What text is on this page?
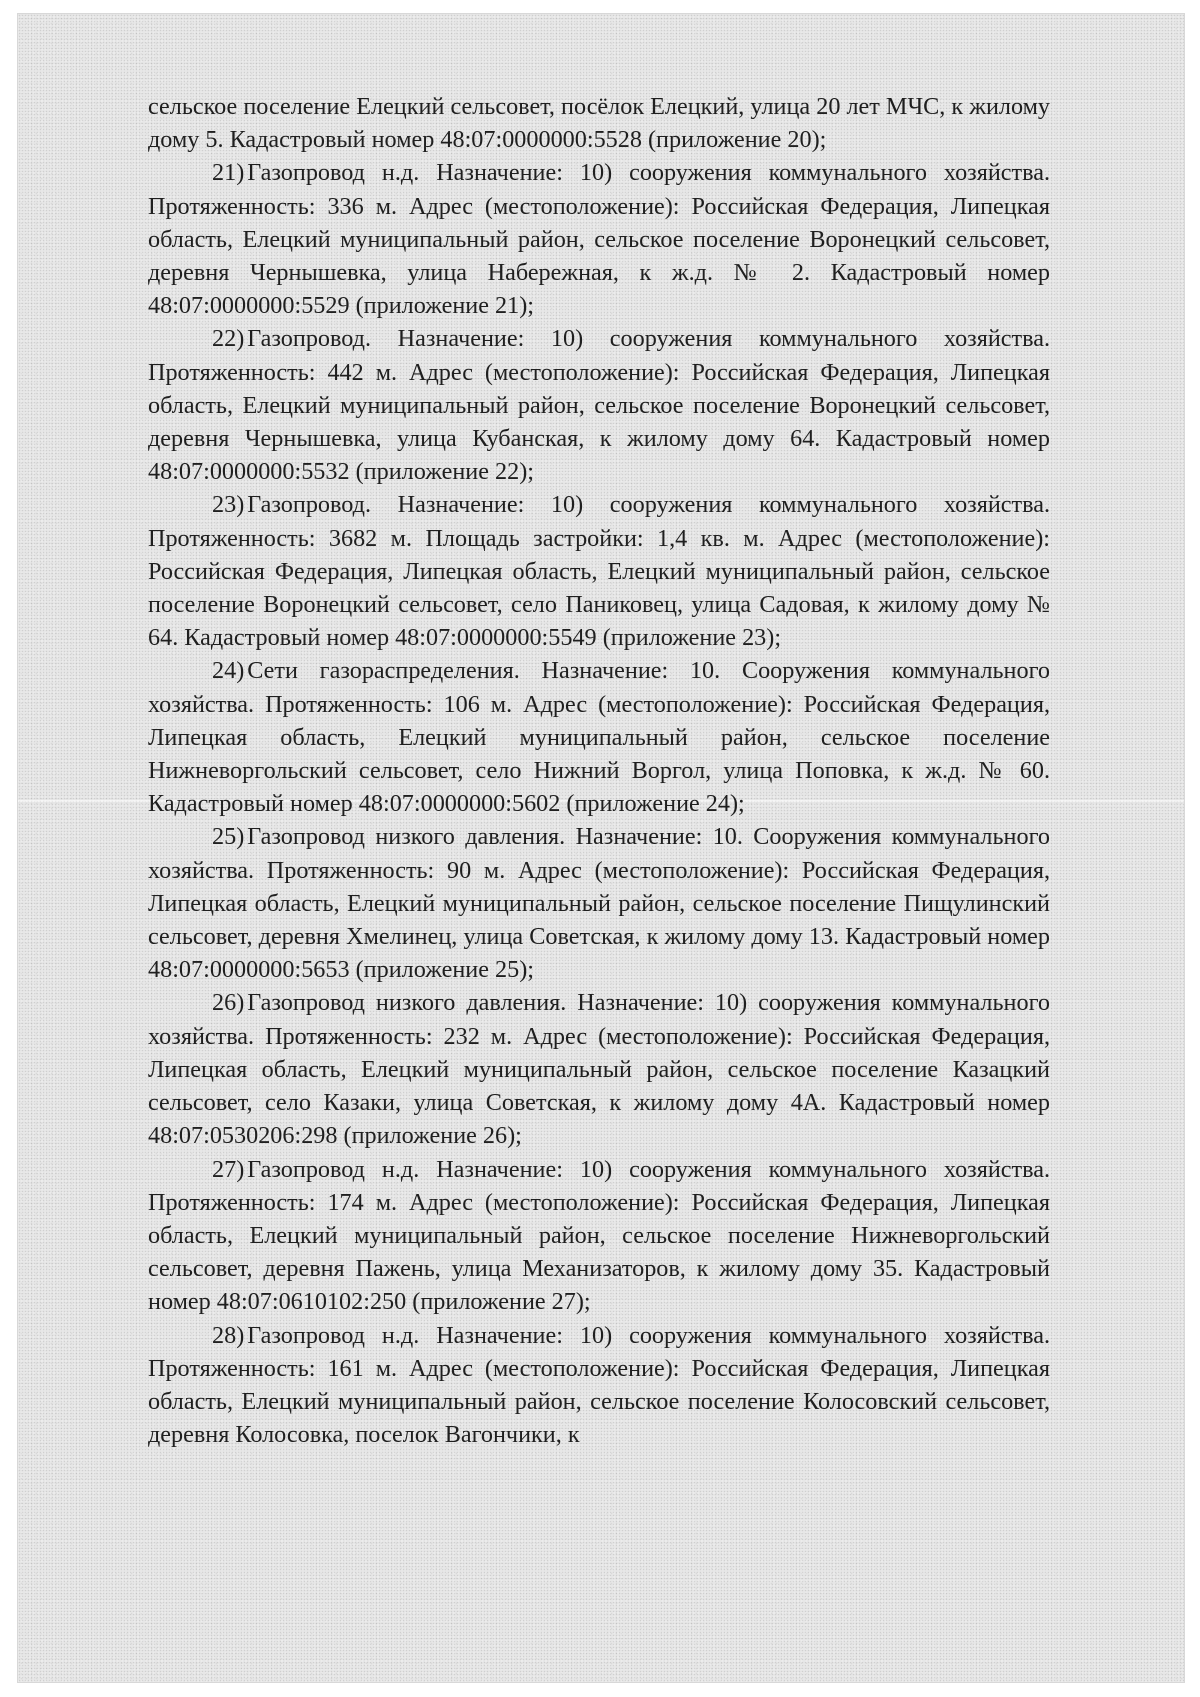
сельское поселение Елецкий сельсовет, посёлок Елецкий, улица 20 лет МЧС, к жилому дому 5. Кадастровый номер 48:07:0000000:5528 (приложение 20);

21) Газопровод н.д. Назначение: 10) сооружения коммунального хозяйства. Протяженность: 336 м. Адрес (местоположение): Российская Федерация, Липецкая область, Елецкий муниципальный район, сельское поселение Воронецкий сельсовет, деревня Чернышевка, улица Набережная, к ж.д. № 2. Кадастровый номер 48:07:0000000:5529 (приложение 21);

22) Газопровод. Назначение: 10) сооружения коммунального хозяйства. Протяженность: 442 м. Адрес (местоположение): Российская Федерация, Липецкая область, Елецкий муниципальный район, сельское поселение Воронецкий сельсовет, деревня Чернышевка, улица Кубанская, к жилому дому 64. Кадастровый номер 48:07:0000000:5532 (приложение 22);

23) Газопровод. Назначение: 10) сооружения коммунального хозяйства. Протяженность: 3682 м. Площадь застройки: 1,4 кв. м. Адрес (местоположение): Российская Федерация, Липецкая область, Елецкий муниципальный район, сельское поселение Воронецкий сельсовет, село Паниковец, улица Садовая, к жилому дому № 64. Кадастровый номер 48:07:0000000:5549 (приложение 23);

24) Сети газораспределения. Назначение: 10. Сооружения коммунального хозяйства. Протяженность: 106 м. Адрес (местоположение): Российская Федерация, Липецкая область, Елецкий муниципальный район, сельское поселение Нижневоргольский сельсовет, село Нижний Воргол, улица Поповка, к ж.д. № 60. Кадастровый номер 48:07:0000000:5602 (приложение 24);

25) Газопровод низкого давления. Назначение: 10. Сооружения коммунального хозяйства. Протяженность: 90 м. Адрес (местоположение): Российская Федерация, Липецкая область, Елецкий муниципальный район, сельское поселение Пищулинский сельсовет, деревня Хмелинец, улица Советская, к жилому дому 13. Кадастровый номер 48:07:0000000:5653 (приложение 25);

26) Газопровод низкого давления. Назначение: 10) сооружения коммунального хозяйства. Протяженность: 232 м. Адрес (местоположение): Российская Федерация, Липецкая область, Елецкий муниципальный район, сельское поселение Казацкий сельсовет, село Казаки, улица Советская, к жилому дому 4А. Кадастровый номер 48:07:0530206:298 (приложение 26);

27) Газопровод н.д. Назначение: 10) сооружения коммунального хозяйства. Протяженность: 174 м. Адрес (местоположение): Российская Федерация, Липецкая область, Елецкий муниципальный район, сельское поселение Нижневоргольский сельсовет, деревня Пажень, улица Механизаторов, к жилому дому 35. Кадастровый номер 48:07:0610102:250 (приложение 27);

28) Газопровод н.д. Назначение: 10) сооружения коммунального хозяйства. Протяженность: 161 м. Адрес (местоположение): Российская Федерация, Липецкая область, Елецкий муниципальный район, сельское поселение Колосовский сельсовет, деревня Колосовка, поселок Вагончики, к
